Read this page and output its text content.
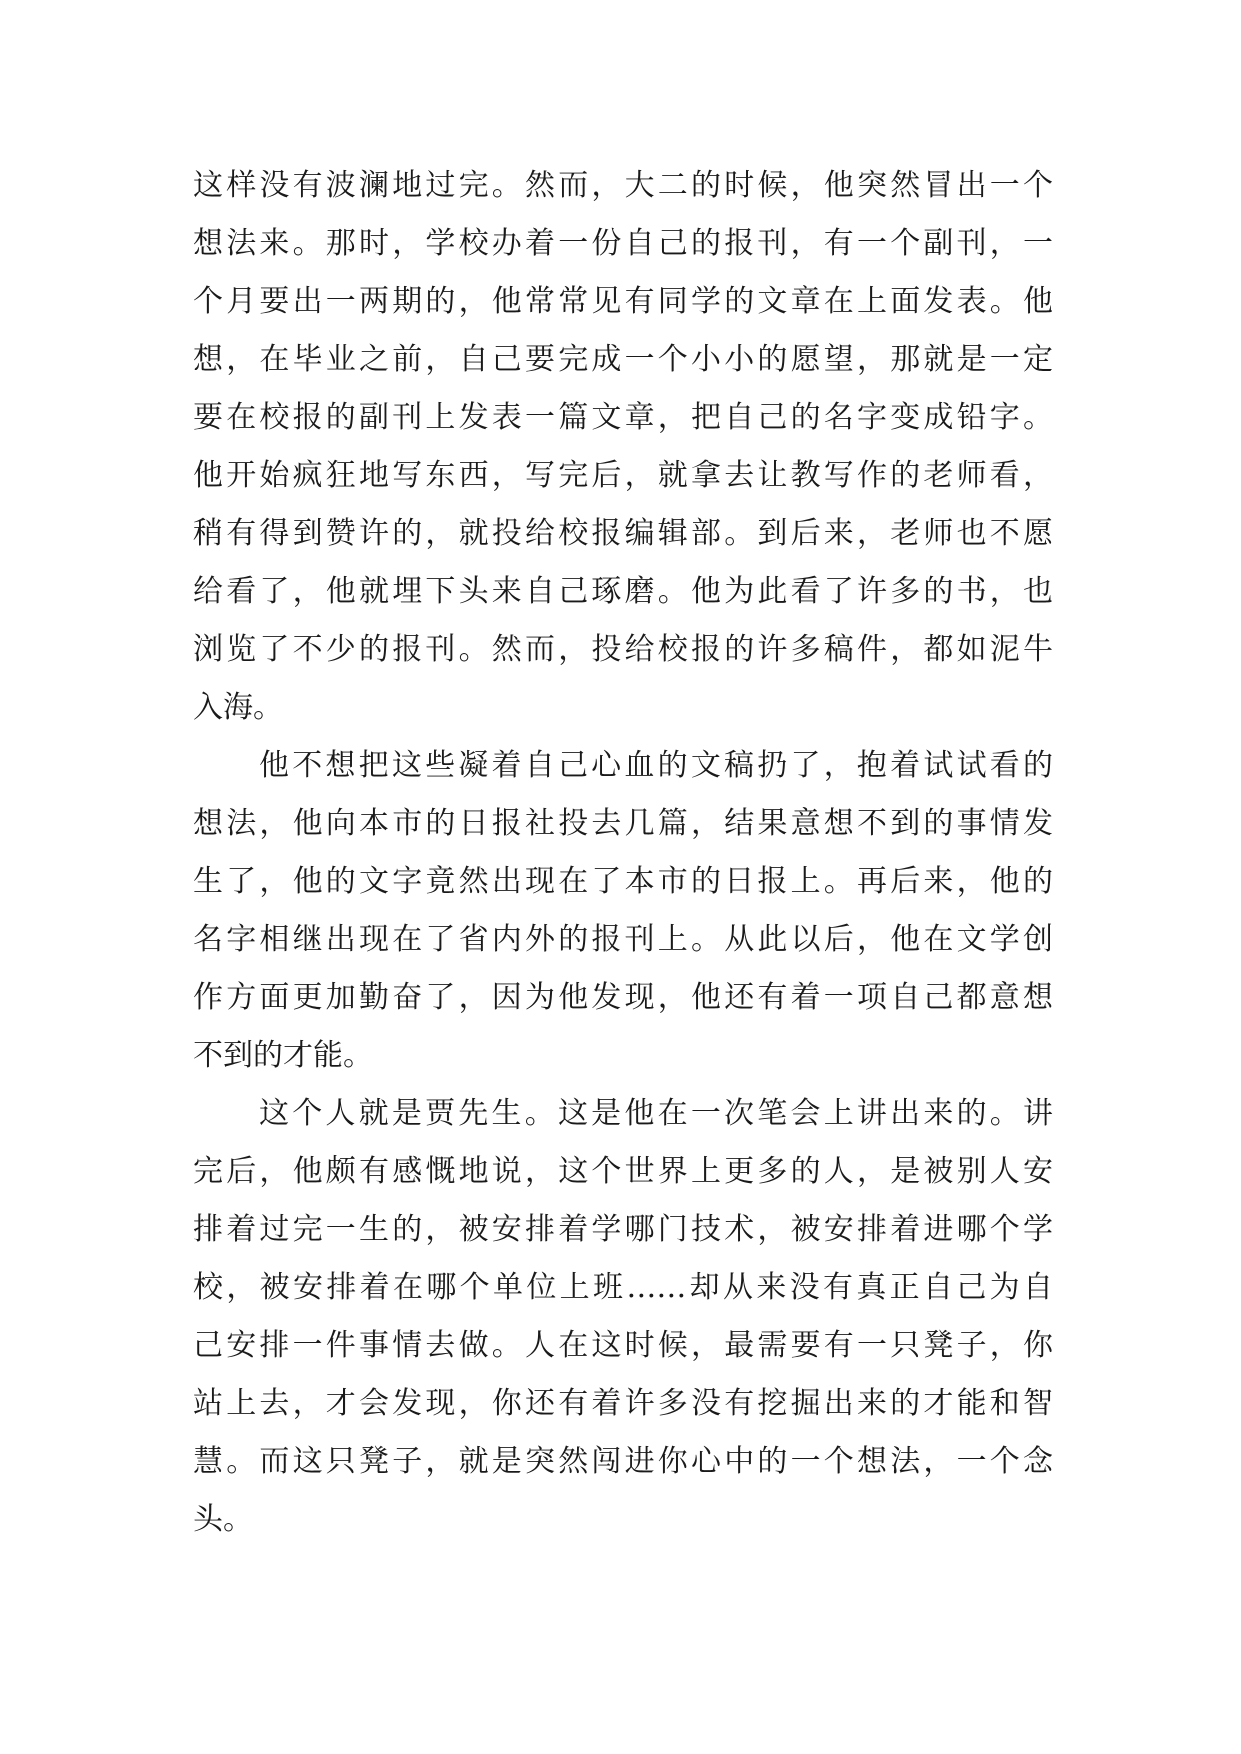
这样没有波澜地过完。然而，大二的时候，他突然冒出一个
想法来。那时，学校办着一份自己的报刊，有一个副刊，一
个月要出一两期的，他常常见有同学的文章在上面发表。他
想，在毕业之前，自己要完成一个小小的愿望，那就是一定
要在校报的副刊上发表一篇文章，把自己的名字变成铅字。
他开始疯狂地写东西，写完后，就拿去让教写作的老师看，
稍有得到赞许的，就投给校报编辑部。到后来，老师也不愿
给看了，他就埋下头来自己琢磨。他为此看了许多的书，也
浏览了不少的报刊。然而，投给校报的许多稿件，都如泥牛
入海。
他不想把这些凝着自己心血的文稿扔了，抱着试试看的
想法，他向本市的日报社投去几篇，结果意想不到的事情发
生了，他的文字竟然出现在了本市的日报上。再后来，他的
名字相继出现在了省内外的报刊上。从此以后，他在文学创
作方面更加勤奋了，因为他发现，他还有着一项自己都意想
不到的才能。
这个人就是贾先生。这是他在一次笔会上讲出来的。讲
完后，他颇有感慨地说，这个世界上更多的人，是被别人安
排着过完一生的，被安排着学哪门技术，被安排着进哪个学
校，被安排着在哪个单位上班……却从来没有真正自己为自
己安排一件事情去做。人在这时候，最需要有一只凳子，你
站上去，才会发现，你还有着许多没有挖掘出来的才能和智
慧。而这只凳子，就是突然闯进你心中的一个想法，一个念
头。
